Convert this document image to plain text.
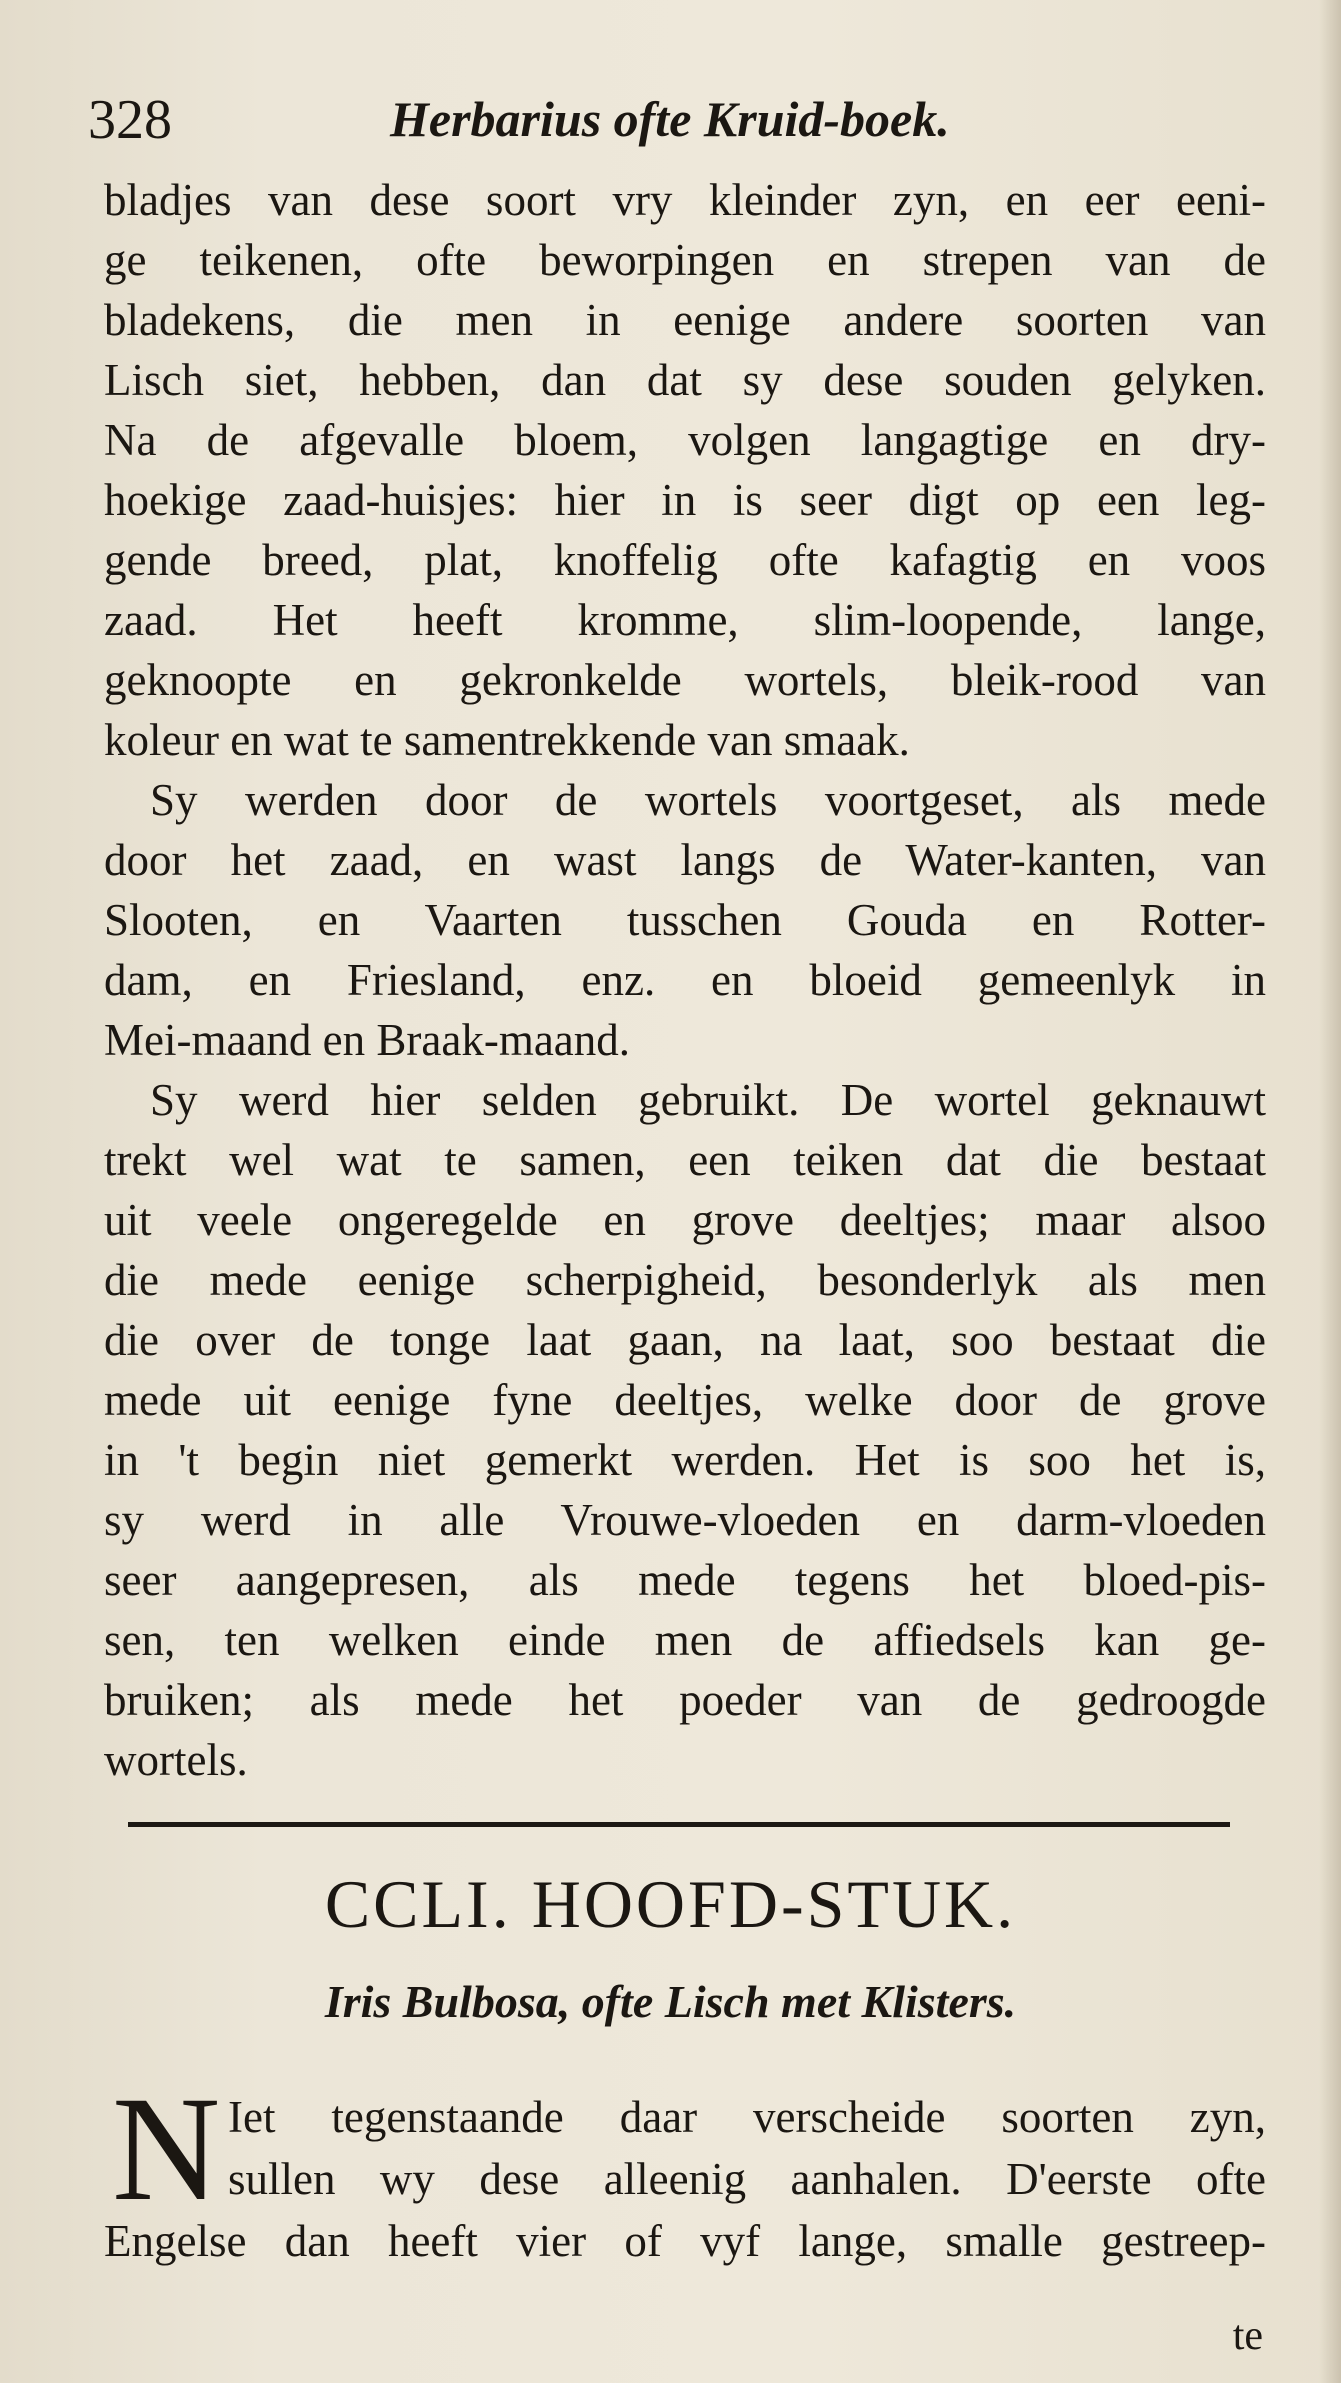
328	Herbarius ofte Kruid-boek.
bladjes van dese soort vry kleinder zyn, en eer eeni-
ge teikenen, ofte beworpingen en strepen van de
bladekens, die men in eenige andere soorten van
Lisch siet, hebben, dan dat sy dese souden gelyken.
Na de afgevalle bloem, volgen langagtige en dry-
hoekige zaad-huisjes: hier in is seer digt op een leg-
gende breed, plat, knoffelig ofte kafagtig en voos
zaad. Het heeft kromme, slim-loopende, lange,
geknoopte en gekronkelde wortels, bleik-rood van
koleur en wat te samentrekkende van smaak.
Sy werden door de wortels voortgeset, als mede
door het zaad, en wast langs de Water-kanten, van
Slooten, en Vaarten tusschen Gouda en Rotter-
dam, en Friesland, enz. en bloeid gemeenlyk in
Mei-maand en Braak-maand.
Sy werd hier selden gebruikt. De wortel geknauwt
trekt wel wat te samen, een teiken dat die bestaat
uit veele ongeregelde en grove deeltjes; maar alsoo
die mede eenige scherpigheid, besonderlyk als men
die over de tonge laat gaan, na laat, soo bestaat die
mede uit eenige fyne deeltjes, welke door de grove
in 't begin niet gemerkt werden. Het is soo het is,
sy werd in alle Vrouwe-vloeden en darm-vloeden
seer aangepresen, als mede tegens het bloed-pis-
sen, ten welken einde men de affiedsels kan ge-
bruiken; als mede het poeder van de gedroogde
wortels.
CCLI. HOOFD-STUK.
Iris Bulbosa, ofte Lisch met Klisters.
N Iet tegenstaande daar verscheide soorten zyn,
sullen wy dese alleenig aanhalen. D'eerste ofte
Engelse dan heeft vier of vyf lange, smalle gestreep-
te
